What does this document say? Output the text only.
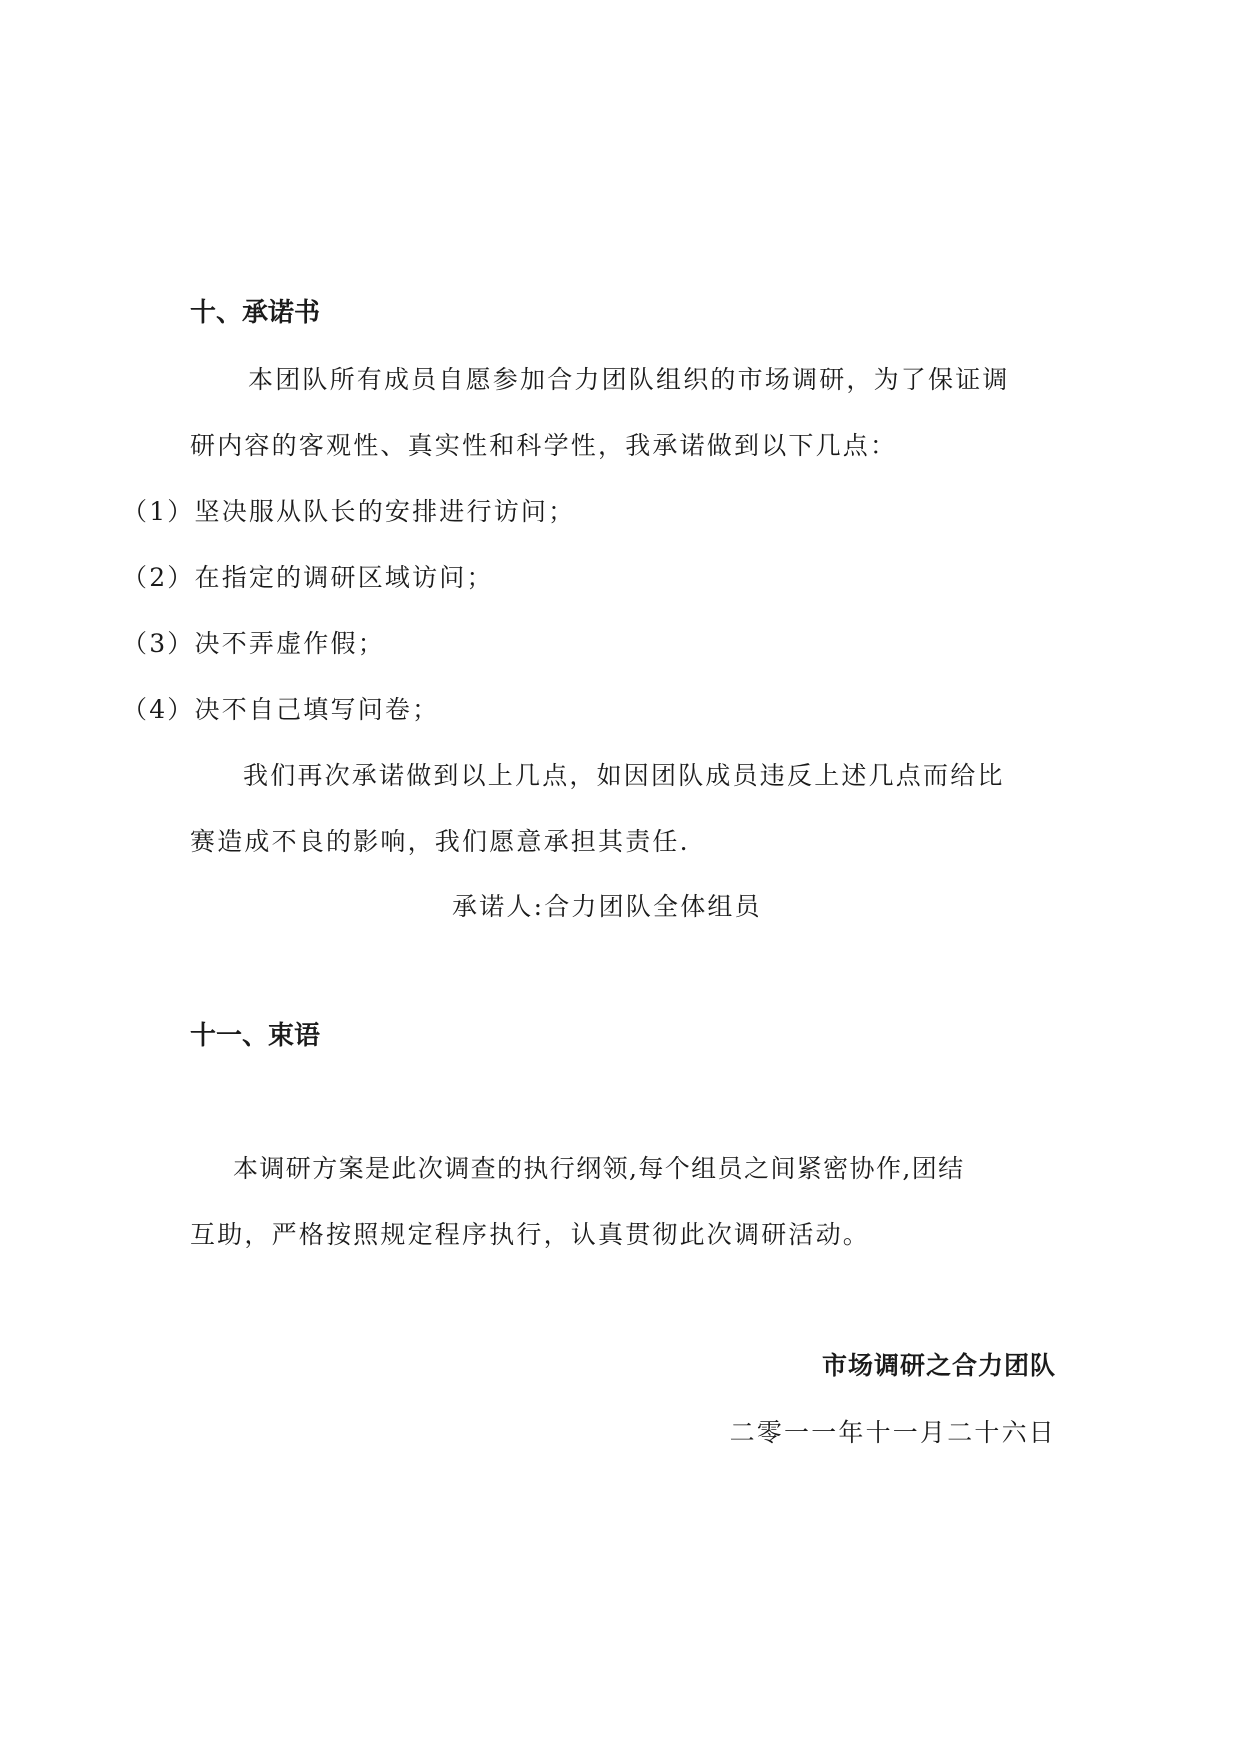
十、承诺书
本团队所有成员自愿参加合力团队组织的市场调研，为了保证调
研内容的客观性、真实性和科学性，我承诺做到以下几点：
（1）坚决服从队长的安排进行访问；
（2）在指定的调研区域访问；
（3）决不弄虚作假；
（4）决不自己填写问卷；
我们再次承诺做到以上几点，如因团队成员违反上述几点而给比
赛造成不良的影响，我们愿意承担其责任.
承诺人:合力团队全体组员
十一、束语
本调研方案是此次调查的执行纲领,每个组员之间紧密协作,团结
互助，严格按照规定程序执行，认真贯彻此次调研活动。
市场调研之合力团队
二零一一年十一月二十六日
